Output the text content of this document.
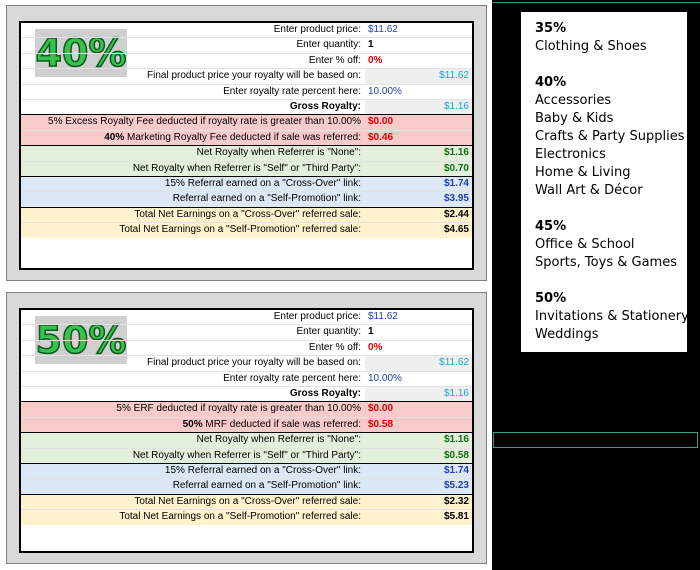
40%
Enter product price: $11.62
Enter quantity: 1
Enter % off: 0%
Final product price your royalty will be based on:	$11.62
Enter royalty rate percent here: 10.00%
Gross Royalty:	$1.16
5% Excess Royalty Fee deducted if royalty rate is greater than 10.00% $0.00
40% Marketing Royalty Fee deducted if sale was referred: $0.46
Net Royalty when Referrer is "None":	$1.16
Net Royalty when Referrer is "Self" or "Third Party":	$0.70
15% Referral earned on a "Cross-Over" link:	$1.74
Referral earned on a "Self-Promotion" link:	$3.95
Total Net Earnings on a "Cross-Over" referred sale:	$2.44
Total Net Earnings on a "Self-Promotion" referred sale:	$4.65
50%
Enter product price: $11.62
Enter quantity: 1
Enter % off: 0%
Final product price your royalty will be based on:	$11.62
Enter royalty rate percent here: 10.00%
Gross Royalty:	$1.16
5% ERF deducted if royalty rate is greater than 10.00% $0.00
50% MRF deducted if sale was referred: $0.58
Net Royalty when Referrer is "None":	$1.16
Net Royalty when Referrer is "Self" or "Third Party":	$0.58
15% Referral earned on a "Cross-Over" link:	$1.74
Referral earned on a "Self-Promotion" link:	$5.23
Total Net Earnings on a "Cross-Over" referred sale:	$2.32
Total Net Earnings on a "Self-Promotion" referred sale:	$5.81
35%
Clothing & Shoes
40%
Accessories
Baby & Kids
Crafts & Party Supplies
Electronics
Home & Living
Wall Art & Décor
45%
Office & School
Sports, Toys & Games
50%
Invitations & Stationery
Weddings
